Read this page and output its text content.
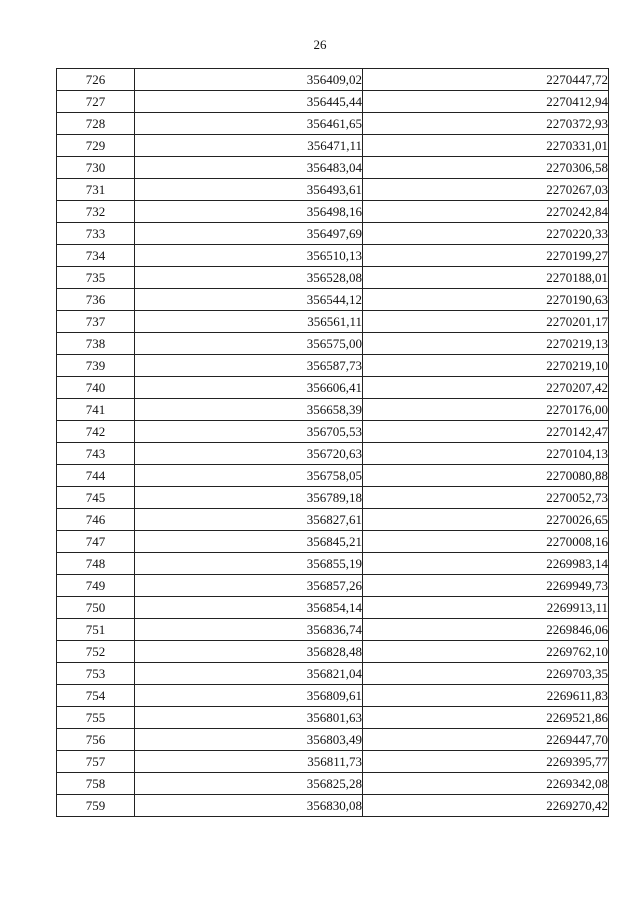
26
726	356409,02	2270447,72
727	356445,44	2270412,94
728	356461,65	2270372,93
729	356471,11	2270331,01
730	356483,04	2270306,58
731	356493,61	2270267,03
732	356498,16	2270242,84
733	356497,69	2270220,33
734	356510,13	2270199,27
735	356528,08	2270188,01
736	356544,12	2270190,63
737	356561,11	2270201,17
738	356575,00	2270219,13
739	356587,73	2270219,10
740	356606,41	2270207,42
741	356658,39	2270176,00
742	356705,53	2270142,47
743	356720,63	2270104,13
744	356758,05	2270080,88
745	356789,18	2270052,73
746	356827,61	2270026,65
747	356845,21	2270008,16
748	356855,19	2269983,14
749	356857,26	2269949,73
750	356854,14	2269913,11
751	356836,74	2269846,06
752	356828,48	2269762,10
753	356821,04	2269703,35
754	356809,61	2269611,83
755	356801,63	2269521,86
756	356803,49	2269447,70
757	356811,73	2269395,77
758	356825,28	2269342,08
759	356830,08	2269270,42
